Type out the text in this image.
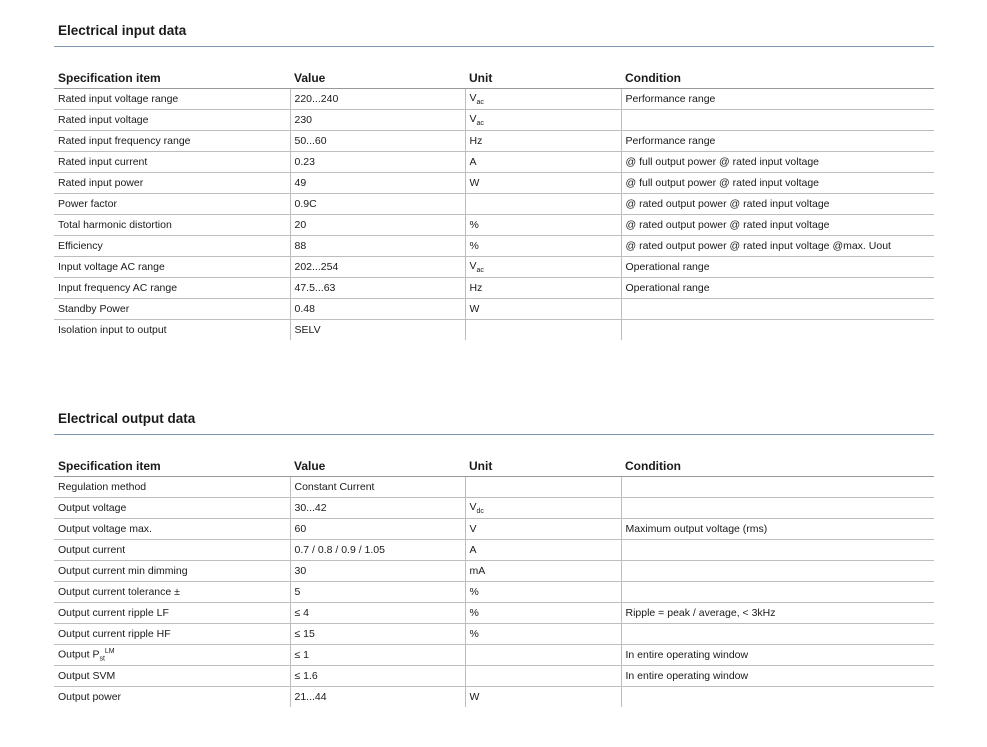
Electrical input data
Specification item	Value	Unit	Condition
Rated input voltage range	220...240	$V_{ac}$	Performance range
Rated input voltage	230	$V_{ac}$	
Rated input frequency range	50...60	Hz	Performance range
Rated input current	0.23	A	@ full output power @ rated input voltage
Rated input power	49	W	@ full output power @ rated input voltage
Power factor	0.9C		@ rated output power @ rated input voltage
Total harmonic distortion	20	%	@ rated output power @ rated input voltage
Efficiency	88	%	@ rated output power @ rated input voltage @max. Uout
Input voltage AC range	202...254	$V_{ac}$	Operational range
Input frequency AC range	47.5...63	Hz	Operational range
Standby Power	0.48	W	
Isolation input to output	SELV		
Electrical output data
Specification item	Value	Unit	Condition
Regulation method	Constant Current		
Output voltage	30...42	$V_{dc}$	
Output voltage max.	60	V	Maximum output voltage (rms)
Output current	0.7 / 0.8 / 0.9 / 1.05	A	
Output current min dimming	30	mA	
Output current tolerance ±	5	%	
Output current ripple LF	≤ 4	%	Ripple = peak / average, < 3kHz
Output current ripple HF	≤ 15	%	
Output $P_{st}^{LM}$	≤ 1		In entire operating window
Output SVM	≤ 1.6		In entire operating window
Output power	21...44	W	
